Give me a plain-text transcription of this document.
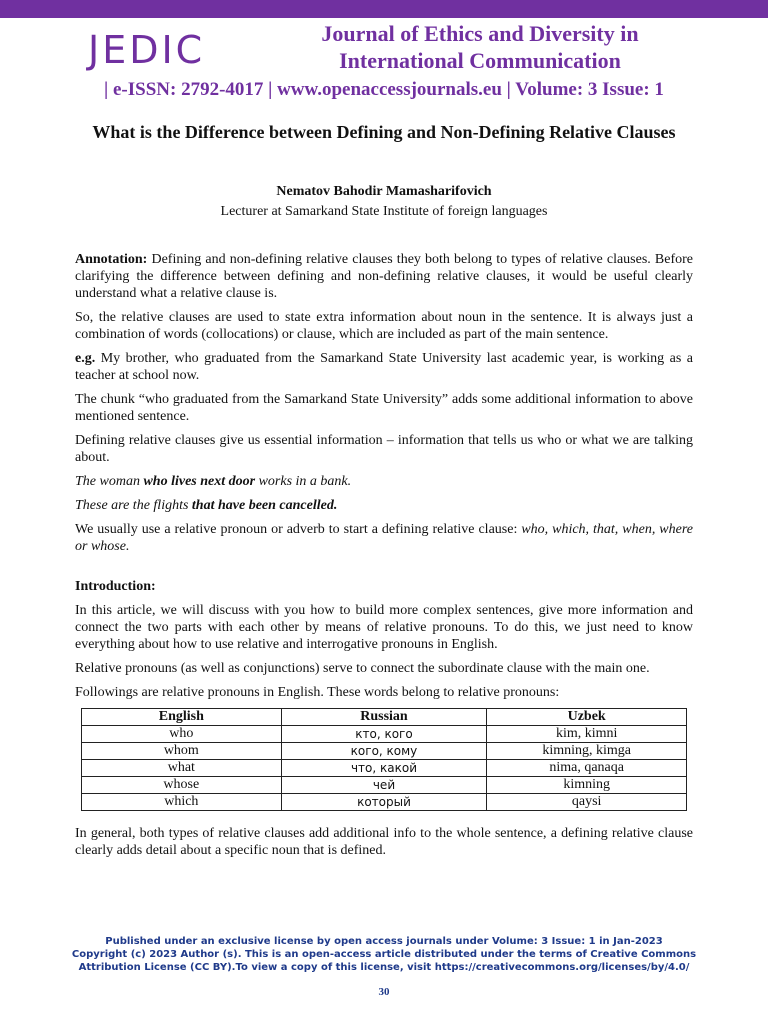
JEDIC	Journal of Ethics and Diversity in International Communication
| e-ISSN: 2792-4017 | www.openaccessjournals.eu | Volume: 3 Issue: 1
What is the Difference between Defining and Non-Defining Relative Clauses
Nematov Bahodir Mamasharifovich
Lecturer at Samarkand State Institute of foreign languages

Annotation: Defining and non-defining relative clauses they both belong to types of relative clauses. Before clarifying the difference between defining and non-defining relative clauses, it would be useful clearly understand what a relative clause is.

So, the relative clauses are used to state extra information about noun in the sentence. It is always just a combination of words (collocations) or clause, which are included as part of the main sentence.

e.g. My brother, who graduated from the Samarkand State University last academic year, is working as a teacher at school now.

The chunk “who graduated from the Samarkand State University” adds some additional information to above mentioned sentence.

Defining relative clauses give us essential information – information that tells us who or what we are talking about.

The woman who lives next door works in a bank.

These are the flights that have been cancelled.

We usually use a relative pronoun or adverb to start a defining relative clause: who, which, that, when, where or whose.

Introduction:

In this article, we will discuss with you how to build more complex sentences, give more information and connect the two parts with each other by means of relative pronouns. To do this, we just need to know everything about how to use relative and interrogative pronouns in English.

Relative pronouns (as well as conjunctions) serve to connect the subordinate clause with the main one.

Followings are relative pronouns in English. These words belong to relative pronouns:

English	Russian	Uzbek
who	кто, кого	kim, kimni
whom	кого, кому	kimning, kimga
what	что, какой	nima, qanaqa
whose	чей	kimning
which	который	qaysi

In general, both types of relative clauses add additional info to the whole sentence, a defining relative clause clearly adds detail about a specific noun that is defined.

Published under an exclusive license by open access journals under Volume: 3 Issue: 1 in Jan-2023
Copyright (c) 2023 Author (s). This is an open-access article distributed under the terms of Creative Commons
Attribution License (CC BY).To view a copy of this license, visit https://creativecommons.org/licenses/by/4.0/
30
